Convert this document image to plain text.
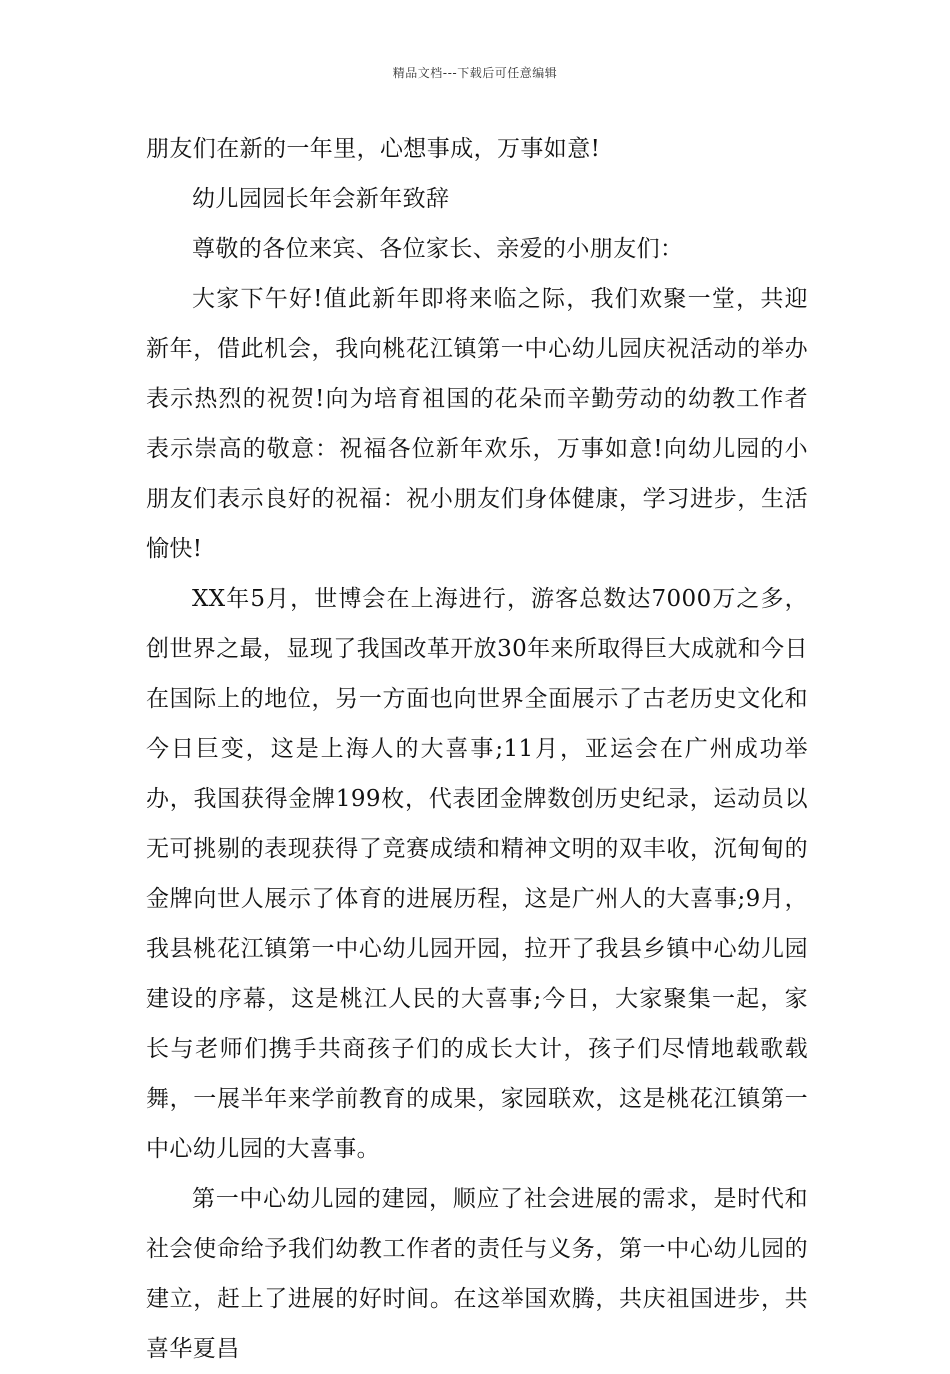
精品文档---下载后可任意编辑

朋友们在新的一年里，心想事成，万事如意!

幼儿园园长年会新年致辞

尊敬的各位来宾、各位家长、亲爱的小朋友们：

大家下午好!值此新年即将来临之际，我们欢聚一堂，共迎新年，借此机会，我向桃花江镇第一中心幼儿园庆祝活动的举办表示热烈的祝贺!向为培育祖国的花朵而辛勤劳动的幼教工作者表示崇高的敬意：祝福各位新年欢乐，万事如意!向幼儿园的小朋友们表示良好的祝福：祝小朋友们身体健康，学习进步，生活愉快!

XX年5月，世博会在上海进行，游客总数达7000万之多，创世界之最，显现了我国改革开放30年来所取得巨大成就和今日在国际上的地位，另一方面也向世界全面展示了古老历史文化和今日巨变，这是上海人的大喜事;11月，亚运会在广州成功举办，我国获得金牌199枚，代表团金牌数创历史纪录，运动员以无可挑剔的表现获得了竞赛成绩和精神文明的双丰收，沉甸甸的金牌向世人展示了体育的进展历程，这是广州人的大喜事;9月，我县桃花江镇第一中心幼儿园开园，拉开了我县乡镇中心幼儿园建设的序幕，这是桃江人民的大喜事;今日，大家聚集一起，家长与老师们携手共商孩子们的成长大计，孩子们尽情地载歌载舞，一展半年来学前教育的成果，家园联欢，这是桃花江镇第一中心幼儿园的大喜事。

第一中心幼儿园的建园，顺应了社会进展的需求，是时代和社会使命给予我们幼教工作者的责任与义务，第一中心幼儿园的建立，赶上了进展的好时间。在这举国欢腾，共庆祖国进步，共喜华夏昌
